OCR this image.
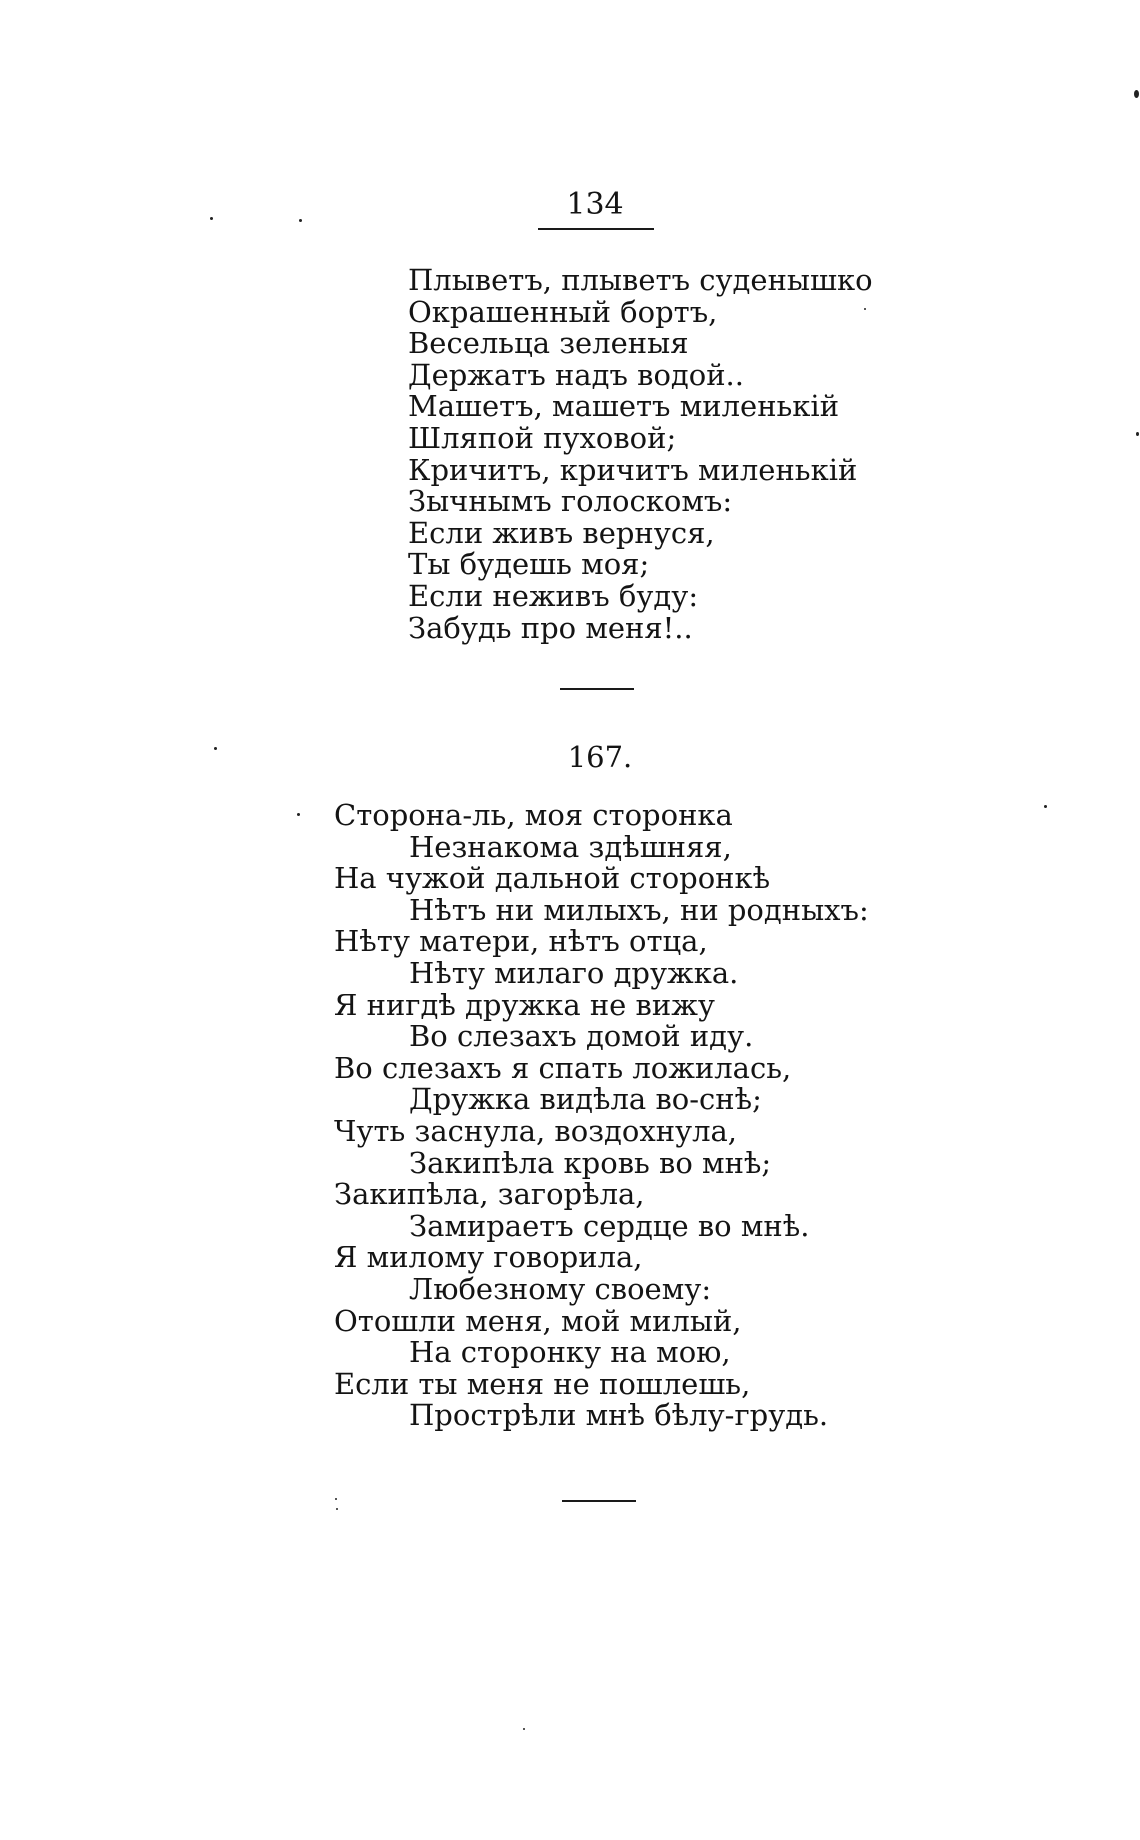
134
Плыветъ, плыветъ суденышко
Окрашенный бортъ,
Весельца зеленыя
Держатъ надъ водой..
Машетъ, машетъ миленькій
Шляпой пуховой;
Кричитъ, кричитъ миленькій
Зычнымъ голоскомъ:
Если живъ вернуся,
Ты будешь моя;
Если неживъ буду:
Забудь про меня!..
167.
Сторона-ль, моя сторонка
Незнакома здѣшняя,
На чужой дальной сторонкѣ
Нѣтъ ни милыхъ, ни родныхъ:
Нѣту матери, нѣтъ отца,
Нѣту милаго дружка.
Я нигдѣ дружка не вижу
Во слезахъ домой иду.
Во слезахъ я спать ложилась,
Дружка видѣла во-снѣ;
Чуть заснула, воздохнула,
Закипѣла кровь во мнѣ;
Закипѣла, загорѣла,
Замираетъ сердце во мнѣ.
Я милому говорила,
Любезному своему:
Отошли меня, мой милый,
На сторонку на мою,
Если ты меня не пошлешь,
Прострѣли мнѣ бѣлу-грудь.
